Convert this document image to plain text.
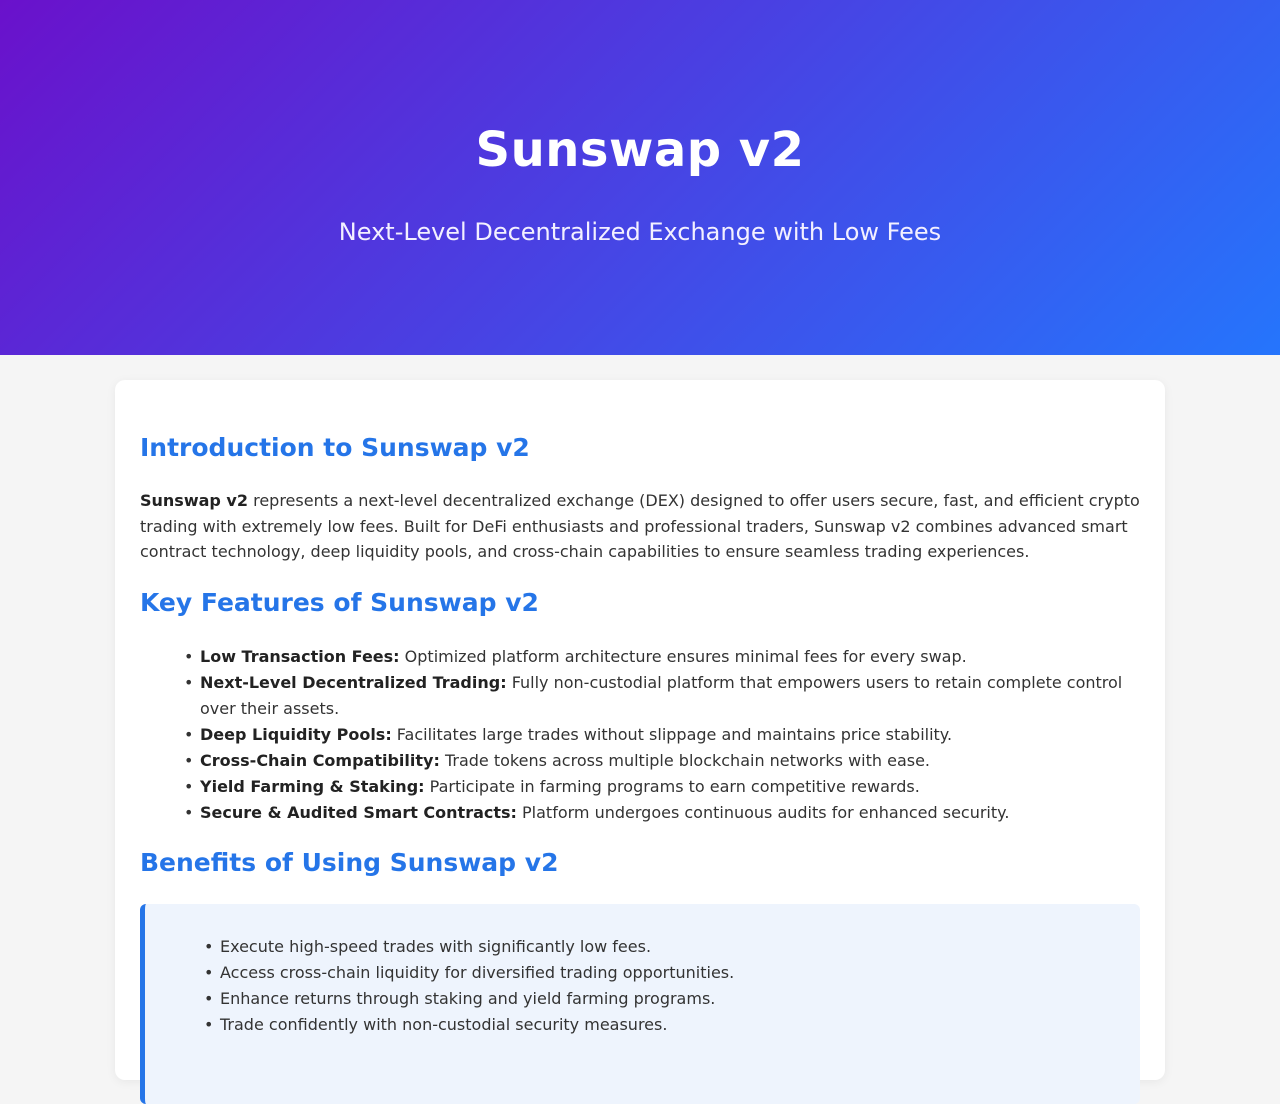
Sunswap v2

Next-Level Decentralized Exchange with Low Fees

Introduction to Sunswap v2

Sunswap v2 represents a next-level decentralized exchange (DEX) designed to offer users secure, fast, and efficient crypto trading with extremely low fees. Built for DeFi enthusiasts and professional traders, Sunswap v2 combines advanced smart contract technology, deep liquidity pools, and cross-chain capabilities to ensure seamless trading experiences.

Key Features of Sunswap v2
• Low Transaction Fees: Optimized platform architecture ensures minimal fees for every swap.
• Next-Level Decentralized Trading: Fully non-custodial platform that empowers users to retain complete control over their assets.
• Deep Liquidity Pools: Facilitates large trades without slippage and maintains price stability.
• Cross-Chain Compatibility: Trade tokens across multiple blockchain networks with ease.
• Yield Farming & Staking: Participate in farming programs to earn competitive rewards.
• Secure & Audited Smart Contracts: Platform undergoes continuous audits for enhanced security.
Benefits of Using Sunswap v2
• Execute high-speed trades with significantly low fees.
• Access cross-chain liquidity for diversified trading opportunities.
• Enhance returns through staking and yield farming programs.
• Trade confidently with non-custodial security measures.
